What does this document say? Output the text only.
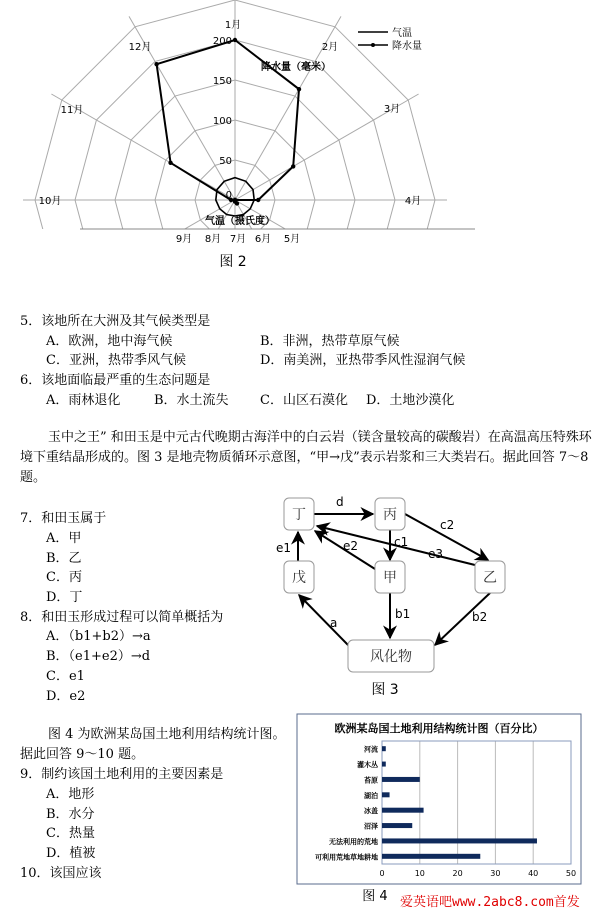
0
50
100
150
200
1月
2月
3月
4月
5月
6月
7月
8月
9月
10月
11月
12月
降水量（毫米）
气温（摄氏度）
气温
降水量
图 2
5．该地所在大洲及其气候类型是
A．欧洲，地中海气候	B．非洲，热带草原气候
C．亚洲，热带季风气候	D．南美洲，亚热带季风性湿润气候
6．该地面临最严重的生态问题是
A．雨林退化	B．水土流失 C．山区石漠化 D．土地沙漠化
玉中之王” 和田玉是中元古代晚期古海洋中的白云岩（镁含量较高的碳酸岩）在高温高压特殊环境下重结晶形成的。图 3 是地壳物质循环示意图，“甲→戊”表示岩浆和三大类岩石。据此回答 7～8 题。
7．和田玉属于
A．甲
B．乙
C．丙
D．丁
8．和田玉形成过程可以简单概括为
A．（b1+b2）→a
B．（e1+e2）→d
C．e1
D．e2
丁	丙
戊	甲	乙
风化物
d
c1
c2
e1	e2
e3
a
b1	b2
图 3
图 4 为欧洲某岛国土地利用结构统计图。
据此回答 9～10 题。
9．制约该国土地利用的主要因素是
A．地形
B．水分
C．热量
D．植被
10．该国应该
欧洲某岛国土地利用结构统计图（百分比）
0	10	20	30	40	50
河流
灌木丛
苔原
湖泊
冰盖
沼泽
无法利用的荒地
可利用荒地草地耕地
图 4 爱英语吧www.2abc8.com首发
